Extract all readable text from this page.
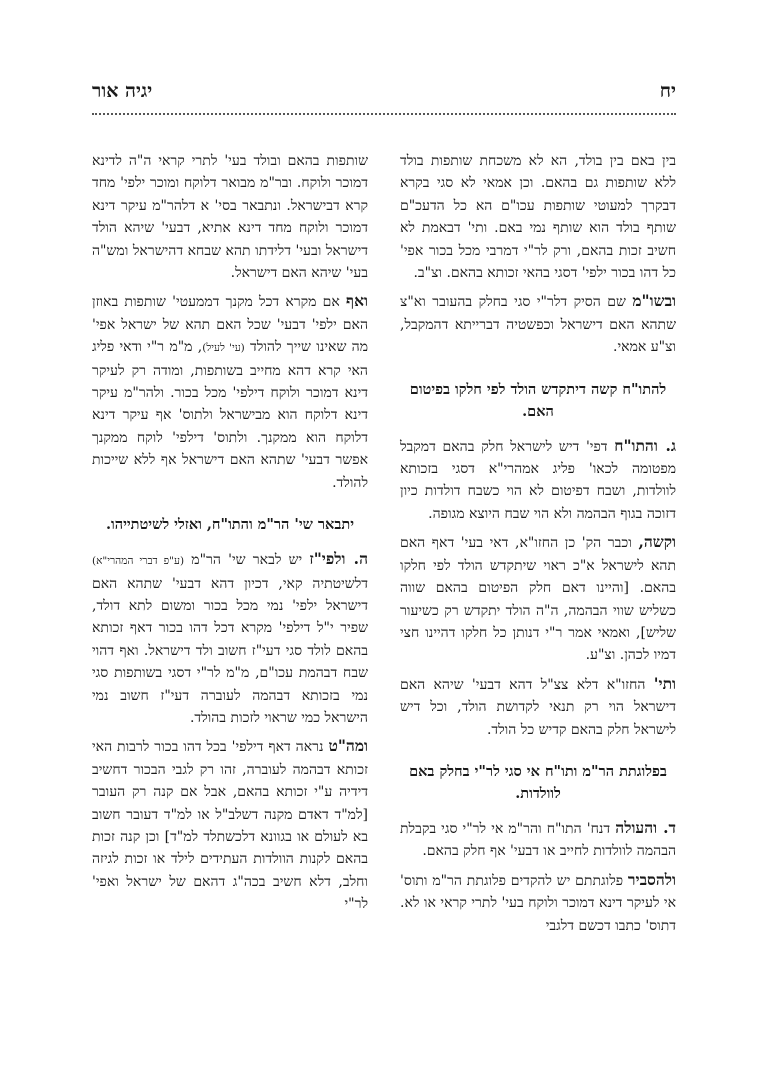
יח
יגיה אור

בין באם בין בולד, הא לא משכחת שותפות בולד ללא שותפות גם בהאם. וכן אמאי לא סגי בקרא דבקרך למעוטי שותפות עכו"ם הא כל הדעכ"ם שותף בולד הוא שותף נמי באם. ותי' דבאמת לא חשיב זכות בהאם, ורק לר"י דמרבי מכל בכור אפי' כל דהו בכור ילפי' דסגי בהאי זכותא בהאם. וצ"ב.

ובשו"מ שם הסיק דלר"י סגי בחלק בהעובר וא"צ שתהא האם דישראל וכפשטיה דברייתא דהמקבל, וצ"ע אמאי.

להתו"ח קשה דיתקדש הולד לפי חלקו בפיטום האם.

ג. והתו"ח דפי' דיש לישראל חלק בהאם דמקבל מפטומה לכאו' פליג אמהרי"א דסגי בזכותא לוולדות, ושבח דפיטום לא הוי כשבח דולדות כיון דזוכה בגוף הבהמה ולא הוי שבח היוצא מגופה.

וקשה, וכבר הק' כן החזו"א, דאי בעי' דאף האם תהא לישראל א"כ ראוי שיתקדש הולד לפי חלקו בהאם. [והיינו דאם חלק הפיטום בהאם שווה כשליש שווי הבהמה, ה"ה הולד יתקדש רק כשיעור שליש], ואמאי אמר ר"י דנותן כל חלקו דהיינו חצי דמיו לכהן. וצ"ע.

ותי' החזו"א דלא צצ"ל דהא דבעי' שיהא האם דישראל הוי רק תנאי לקדושת הולד, וכל דיש לישראל חלק בהאם קדיש כל הולד.

בפלוגתת הר"מ ותו"ח אי סגי לר"י בחלק באם לוולדות.

ד. והעולה דנח' התו"ח והר"מ אי לר"י סגי בקבלת הבהמה לוולדות לחייב או דבעי' אף חלק בהאם.

ולהסביר פלוגתתם יש להקדים פלוגתת הר"מ ותוס' אי לעיקר דינא דמוכר ולוקח בעי' לתרי קראי או לא. דתוס' כתבו דכשם דלגבי

שותפות בהאם ובולד בעי' לתרי קראי ה"ה לדינא דמוכר ולוקח. ובר"מ מבואר דלוקח ומוכר ילפי' מחד קרא דבישראל. ונתבאר בסי' א דלהר"מ עיקר דינא דמוכר ולוקח מחד דינא אתיא, דבעי' שיהא הולד דישראל ובעי' דלידתו תהא שבחא דהישראל ומש"ה בעי' שיהא האם דישראל.

ואף אם מקרא דכל מקנך דממעטי' שותפות באוזן האם ילפי' דבעי' שכל האם תהא של ישראל אפי' מה שאינו שייך להולד (עי' לעיל), מ"מ ר"י ודאי פליג האי קרא דהא מחייב בשותפות, ומודה רק לעיקר דינא דמוכר ולוקח דילפי' מכל בכור. ולהר"מ עיקר דינא דלוקח הוא מבישראל ולתוס' אף עיקר דינא דלוקח הוא ממקנך. ולתוס' דילפי' לוקח ממקנך אפשר דבעי' שתהא האם דישראל אף ללא שייכות להולד.

יתבאר שי' הר"מ והתו"ח, ואזלי לשיטתייהו.

ה. ולפי"ז יש לבאר שי' הר"מ (ע"פ דברי המהרי"א) דלשיטתיה קאי, דכיון דהא דבעי' שתהא האם דישראל ילפי' נמי מכל בכור ומשום לתא דולד, שפיר י"ל דילפי' מקרא דכל דהו בכור דאף זכותא בהאם לולד סגי דעי"ז חשוב ולד דישראל. ואף דהוי שבח דבהמת עכו"ם, מ"מ לר"י דסגי בשותפות סגי נמי בזכותא דבהמה לעוברה דעי"ז חשוב נמי הישראל כמי שראוי לזכות בהולד.

ומה"ט נראה דאף דילפי' בכל דהו בכור לרבות האי זכותא דבהמה לעוברה, זהו רק לגבי הבכור דחשיב דידיה ע"י זכותא בהאם, אבל אם קנה רק העובר [למ"ד דאדם מקנה דשלב"ל או למ"ד דעובר חשוב בא לעולם או בגוונא דלכשתלד למ"ד] וכן קנה זכות בהאם לקנות הוולדות העתידים לילד או זכות לגיזה וחלב, דלא חשיב בכה"ג דהאם של ישראל ואפי' לר"י
